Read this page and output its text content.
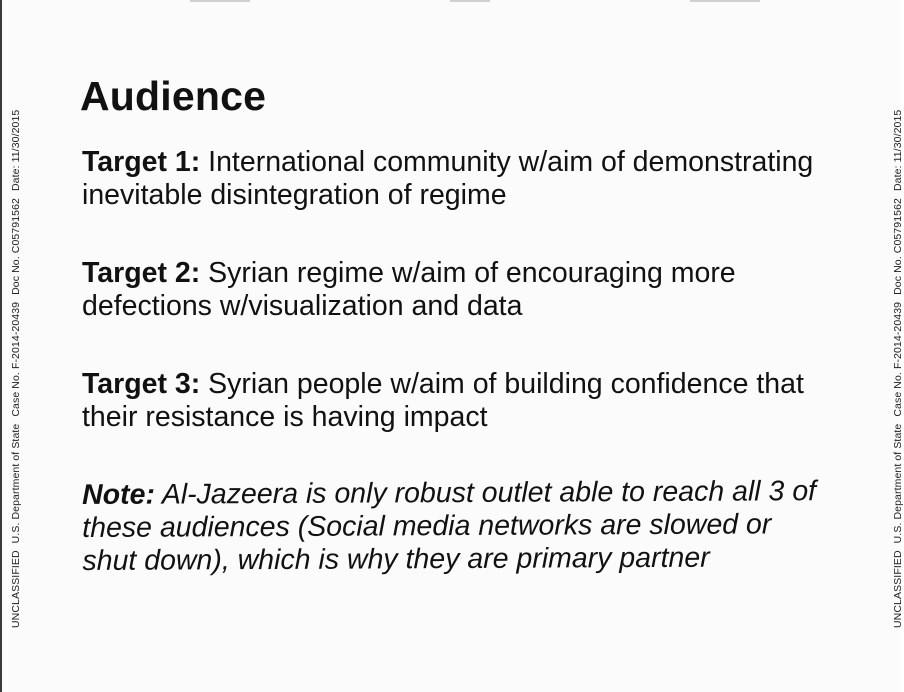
Audience
Target 1: International community w/aim of demonstrating
inevitable disintegration of regime
Target 2: Syrian regime w/aim of encouraging more
defections w/visualization and data
Target 3: Syrian people w/aim of building confidence that
their resistance is having impact
Note: Al-Jazeera is only robust outlet able to reach all 3 of
these audiences (Social media networks are slowed or
shut down), which is why they are primary partner
UNCLASSIFIEDU.S. Department of StateCase No. F-2014-20439Doc No. C05791562Date: 11/30/2015
UNCLASSIFIEDU.S. Department of StateCase No. F-2014-20439Doc No. C05791562Date: 11/30/2015
